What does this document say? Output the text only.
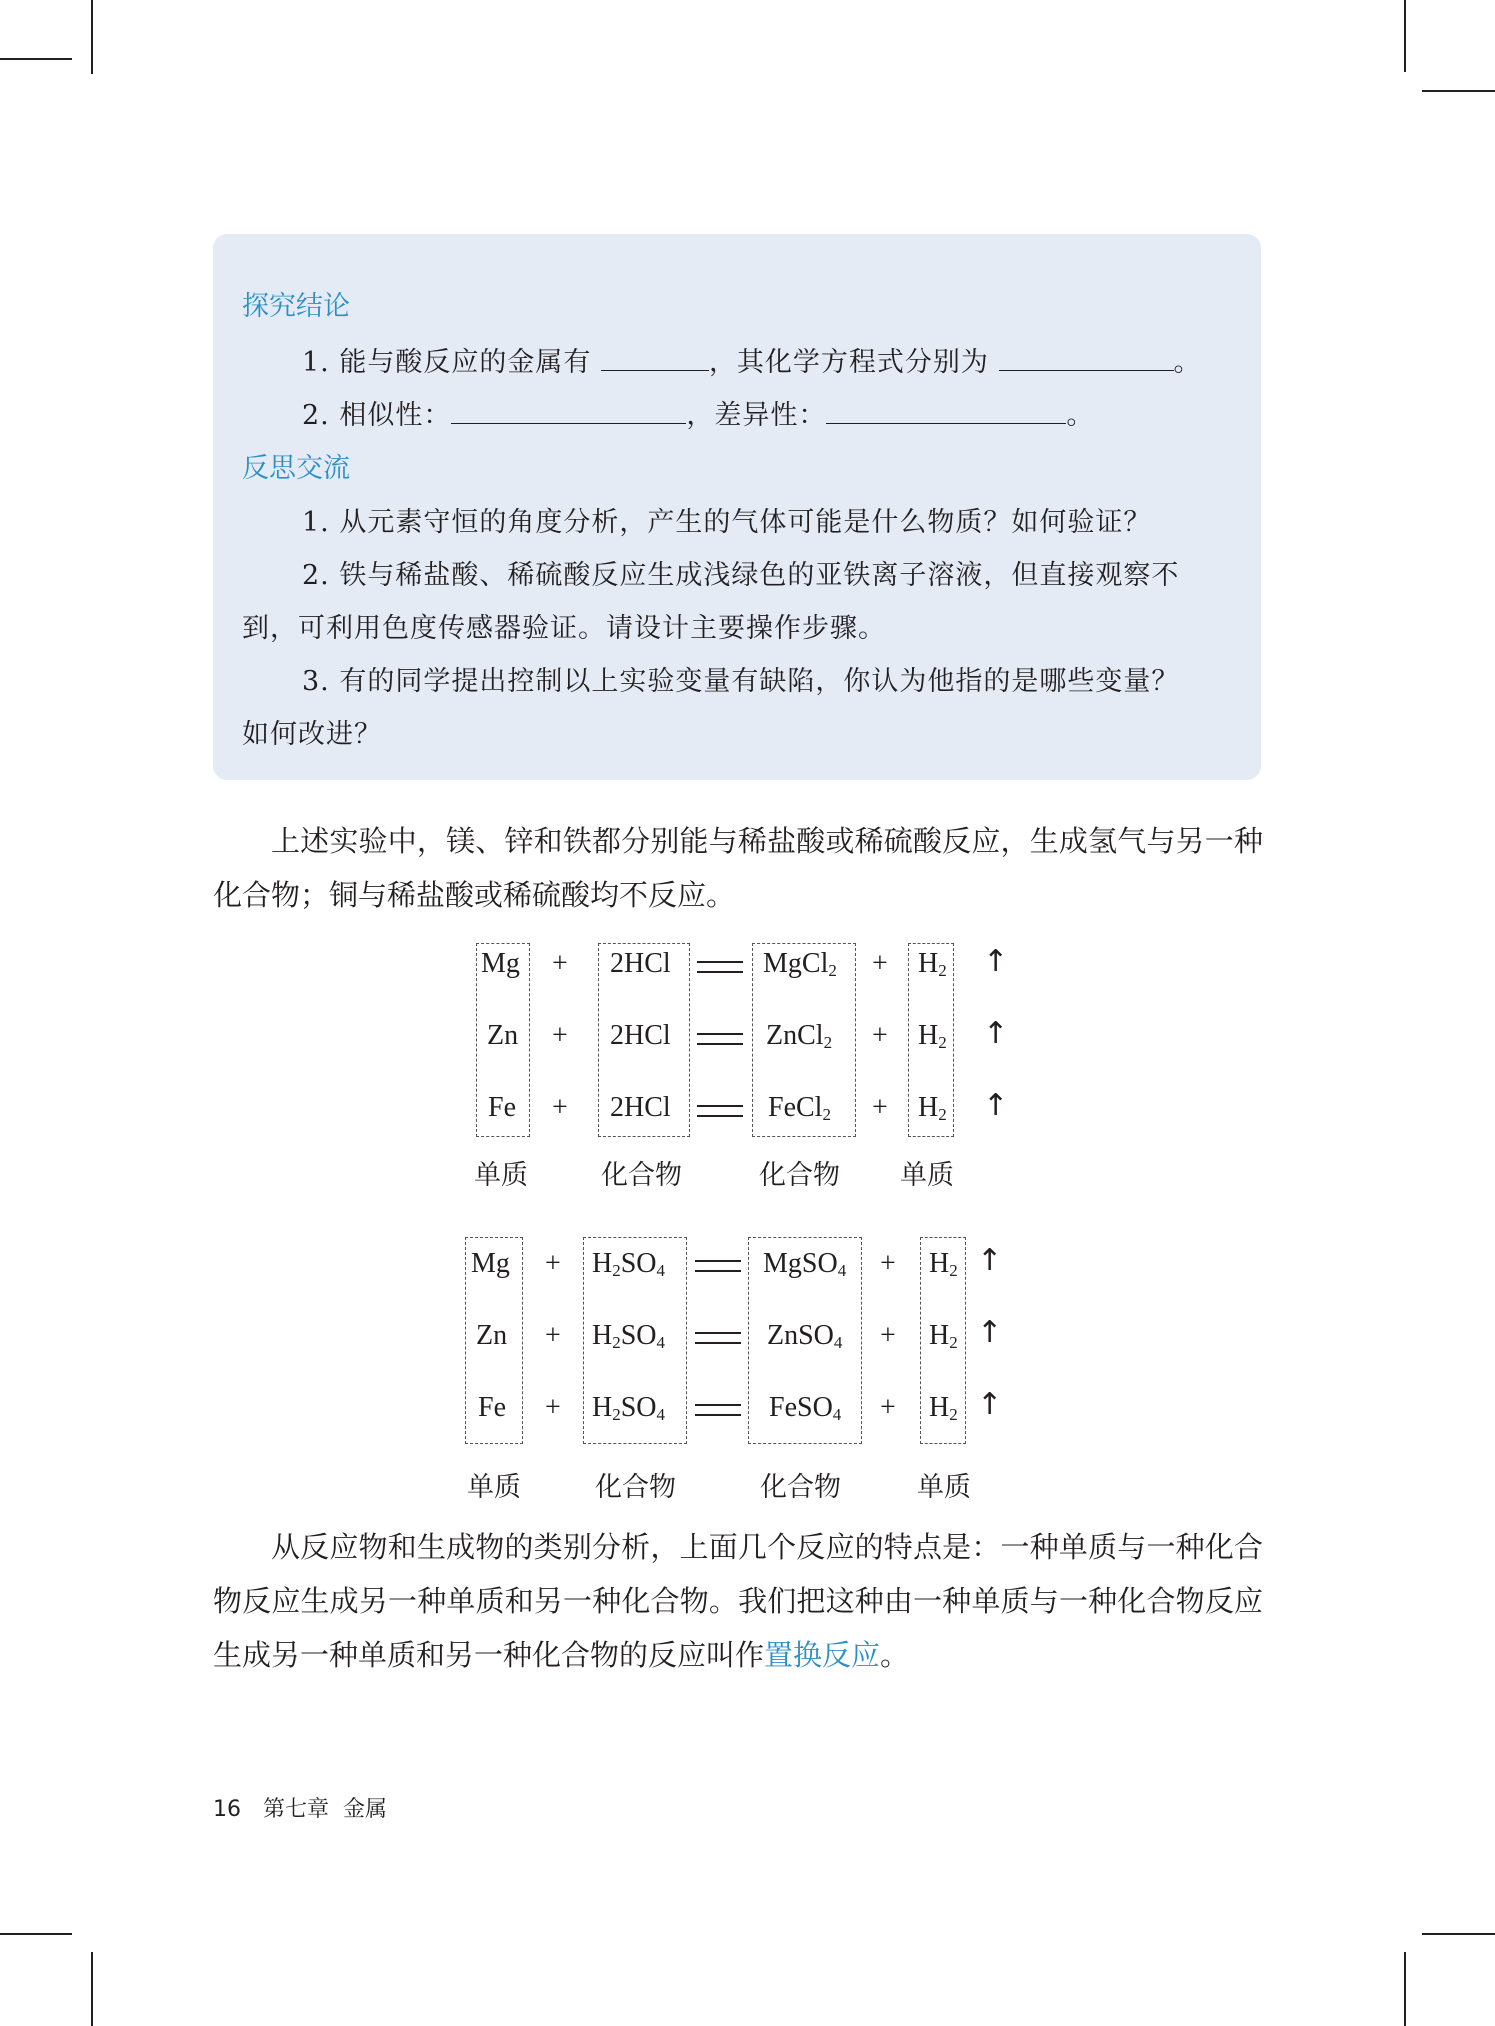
探究结论
1. 能与酸反应的金属有	，其化学方程式分别为	。
2. 相似性：	，差异性：	。
反思交流
1. 从元素守恒的角度分析，产生的气体可能是什么物质？如何验证？
2. 铁与稀盐酸、稀硫酸反应生成浅绿色的亚铁离子溶液，但直接观察不
到，可利用色度传感器验证。请设计主要操作步骤。
3. 有的同学提出控制以上实验变量有缺陷，你认为他指的是哪些变量？
如何改进？

上述实验中，镁、锌和铁都分别能与稀盐酸或稀硫酸反应，生成氢气与另一种化合物；铜与稀盐酸或稀硫酸均不反应。

Mg + 2HCl	MgCl$_2$ + $H_2$ ↑
Zn + 2HCl	ZnCl$_2$ + $H_2$ ↑
Fe + 2HCl	FeCl$_2$ + $H_2$ ↑
单质	化合物	化合物 单质
$Mg + H_2SO_4$	MgSO$_4$ + $H_2$ ↑
$Zn + H_2SO_4$	ZnSO$_4$ + $H_2$ ↑
$Fe + H_2SO_4$	FeSO$_4$ + $H_2$ ↑
单质	化合物	化合物	单质

从反应物和生成物的类别分析，上面几个反应的特点是：一种单质与一种化合物反应生成另一种单质和另一种化合物。我们把这种由一种单质与一种化合物反应生成另一种单质和另一种化合物的反应叫作置换反应。

16 第七章  金属
